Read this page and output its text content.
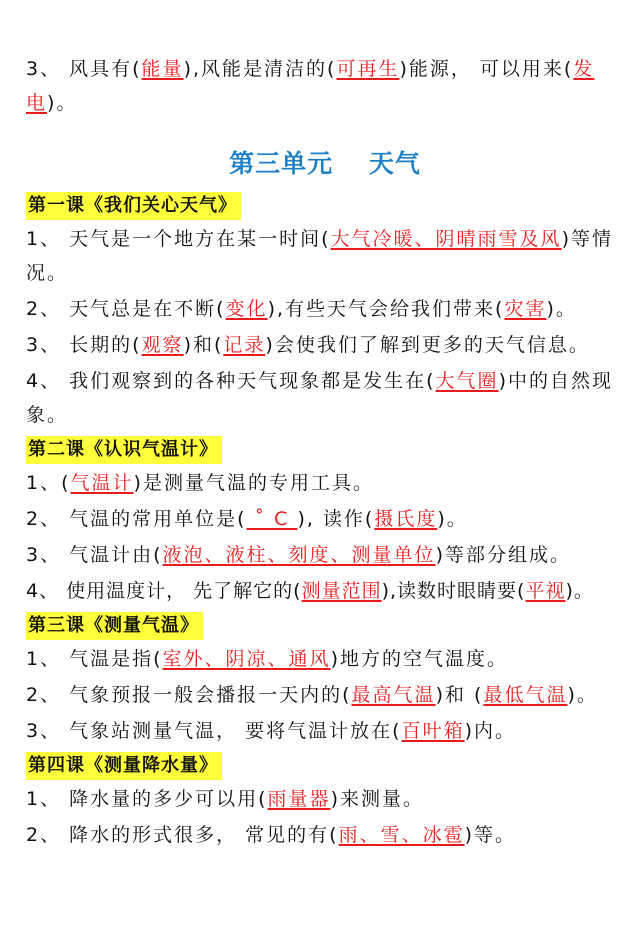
3、 风具有(能量),风能是清洁的(可再生)能源， 可以用来(发
电)。
第三单元　 天气
第一课《我们关心天气》
1、 天气是一个地方在某一时间(大气冷暖、阴晴雨雪及风)等情况。
2、 天气总是在不断(变化),有些天气会给我们带来(灾害)。
3、 长期的(观察)和(记录)会使我们了解到更多的天气信息。
4、 我们观察到的各种天气现象都是发生在(大气圈)中的自然现象。
第二课《认识气温计》
1、(气温计)是测量气温的专用工具。
2、 气温的常用单位是( ˚ C ), 读作(摄氏度)。
3、 气温计由(液泡、液柱、刻度、测量单位)等部分组成。
4、 使用温度计， 先了解它的(测量范围),读数时眼睛要(平视)。
第三课《测量气温》
1、 气温是指(室外、阴凉、通风)地方的空气温度。
2、 气象预报一般会播报一天内的(最高气温)和 (最低气温)。
3、 气象站测量气温， 要将气温计放在(百叶箱)内。
第四课《测量降水量》
1、 降水量的多少可以用(雨量器)来测量。
2、 降水的形式很多， 常见的有(雨、雪、冰雹)等。
